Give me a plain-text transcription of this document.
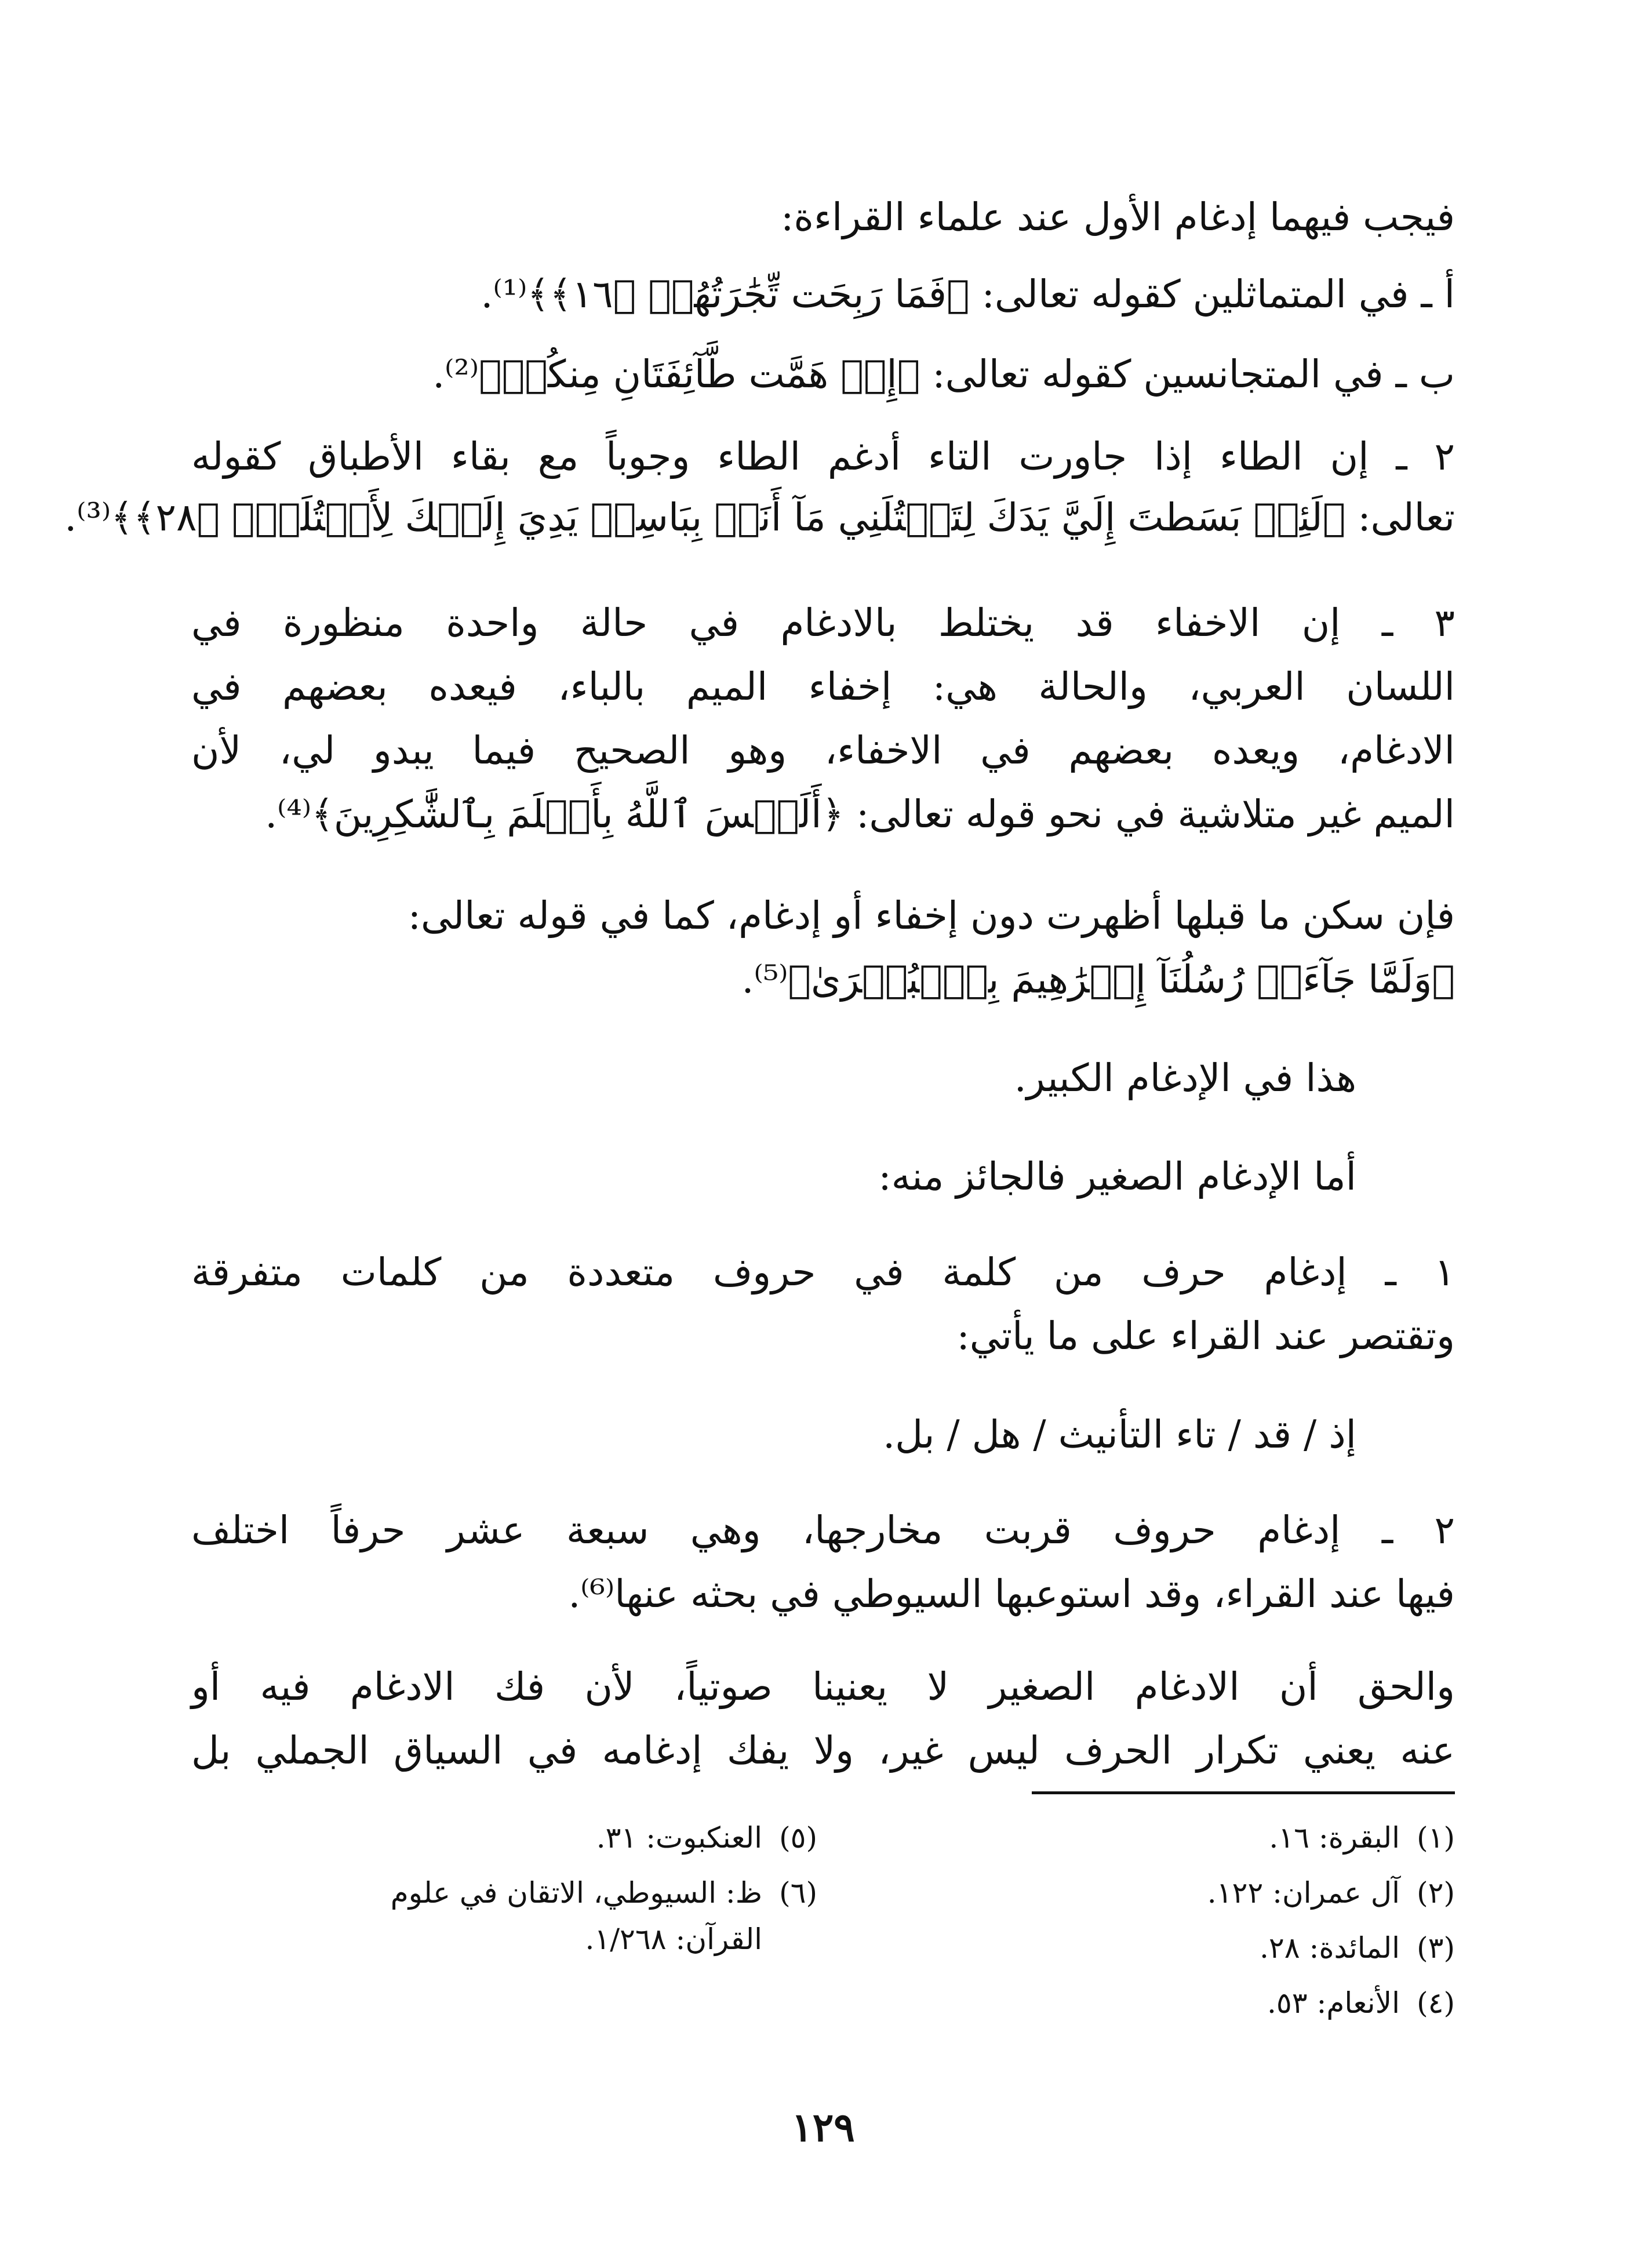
فيجب فيهما إدغام الأول عند علماء القراءة:
أ ـ في المتماثلين كقوله تعالى: ﴿فَمَا رَبِحَت تِّجَٰرَتُهُمۡ ﴿١٦﴾﴾⁽¹⁾.
ب ـ في المتجانسين كقوله تعالى: ﴿إِذۡ هَمَّت طَّآئِفَتَانِ مِنكُمۡ﴾⁽²⁾.
٢ ـ إن الطاء إذا جاورت التاء أدغم الطاء وجوباً مع بقاء الأطباق كقوله
تعالى: ﴿لَئِنۢ بَسَطتَ إِلَيَّ يَدَكَ لِتَقۡتُلَنِي مَآ أَنَا۠ بِبَاسِطٖ يَدِيَ إِلَيۡكَ لِأَقۡتُلَكَۖ ﴿٢٨﴾﴾⁽³⁾.
٣ ـ إن الاخفاء قد يختلط بالادغام في حالة واحدة منظورة في
اللسان العربي، والحالة هي: إخفاء الميم بالباء، فيعده بعضهم في
الادغام، ويعده بعضهم في الاخفاء، وهو الصحيح فيما يبدو لي، لأن
الميم غير متلاشية في نحو قوله تعالى: ﴿أَلَيۡسَ ٱللَّهُ بِأَعۡلَمَ بِٱلشَّٰكِرِينَ﴾⁽⁴⁾.
فإن سكن ما قبلها أظهرت دون إخفاء أو إدغام، كما في قوله تعالى:
﴿وَلَمَّا جَآءَتۡ رُسُلُنَآ إِبۡرَٰهِيمَ بِٱلۡبُشۡرَىٰ﴾⁽⁵⁾.
هذا في الإدغام الكبير.
أما الإدغام الصغير فالجائز منه:
١ ـ إدغام حرف من كلمة في حروف متعددة من كلمات متفرقة
وتقتصر عند القراء على ما يأتي:
إذ / قد / تاء التأنيث / هل / بل.
٢ ـ إدغام حروف قربت مخارجها، وهي سبعة عشر حرفاً اختلف
فيها عند القراء، وقد استوعبها السيوطي في بحثه عنها⁽⁶⁾.
والحق أن الادغام الصغير لا يعنينا صوتياً، لأن فك الادغام فيه أو
عنه يعني تكرار الحرف ليس غير، ولا يفك إدغامه في السياق الجملي بل
(١)البقرة: ١٦.
(٢)آل عمران: ١٢٢.
(٣)المائدة: ٢٨.
(٤)الأنعام: ٥٣.
(٥)العنكبوت: ٣١.
(٦)ظ: السيوطي، الاتقان في علوم
القرآن: ١/٢٦٨.
١٢٩
